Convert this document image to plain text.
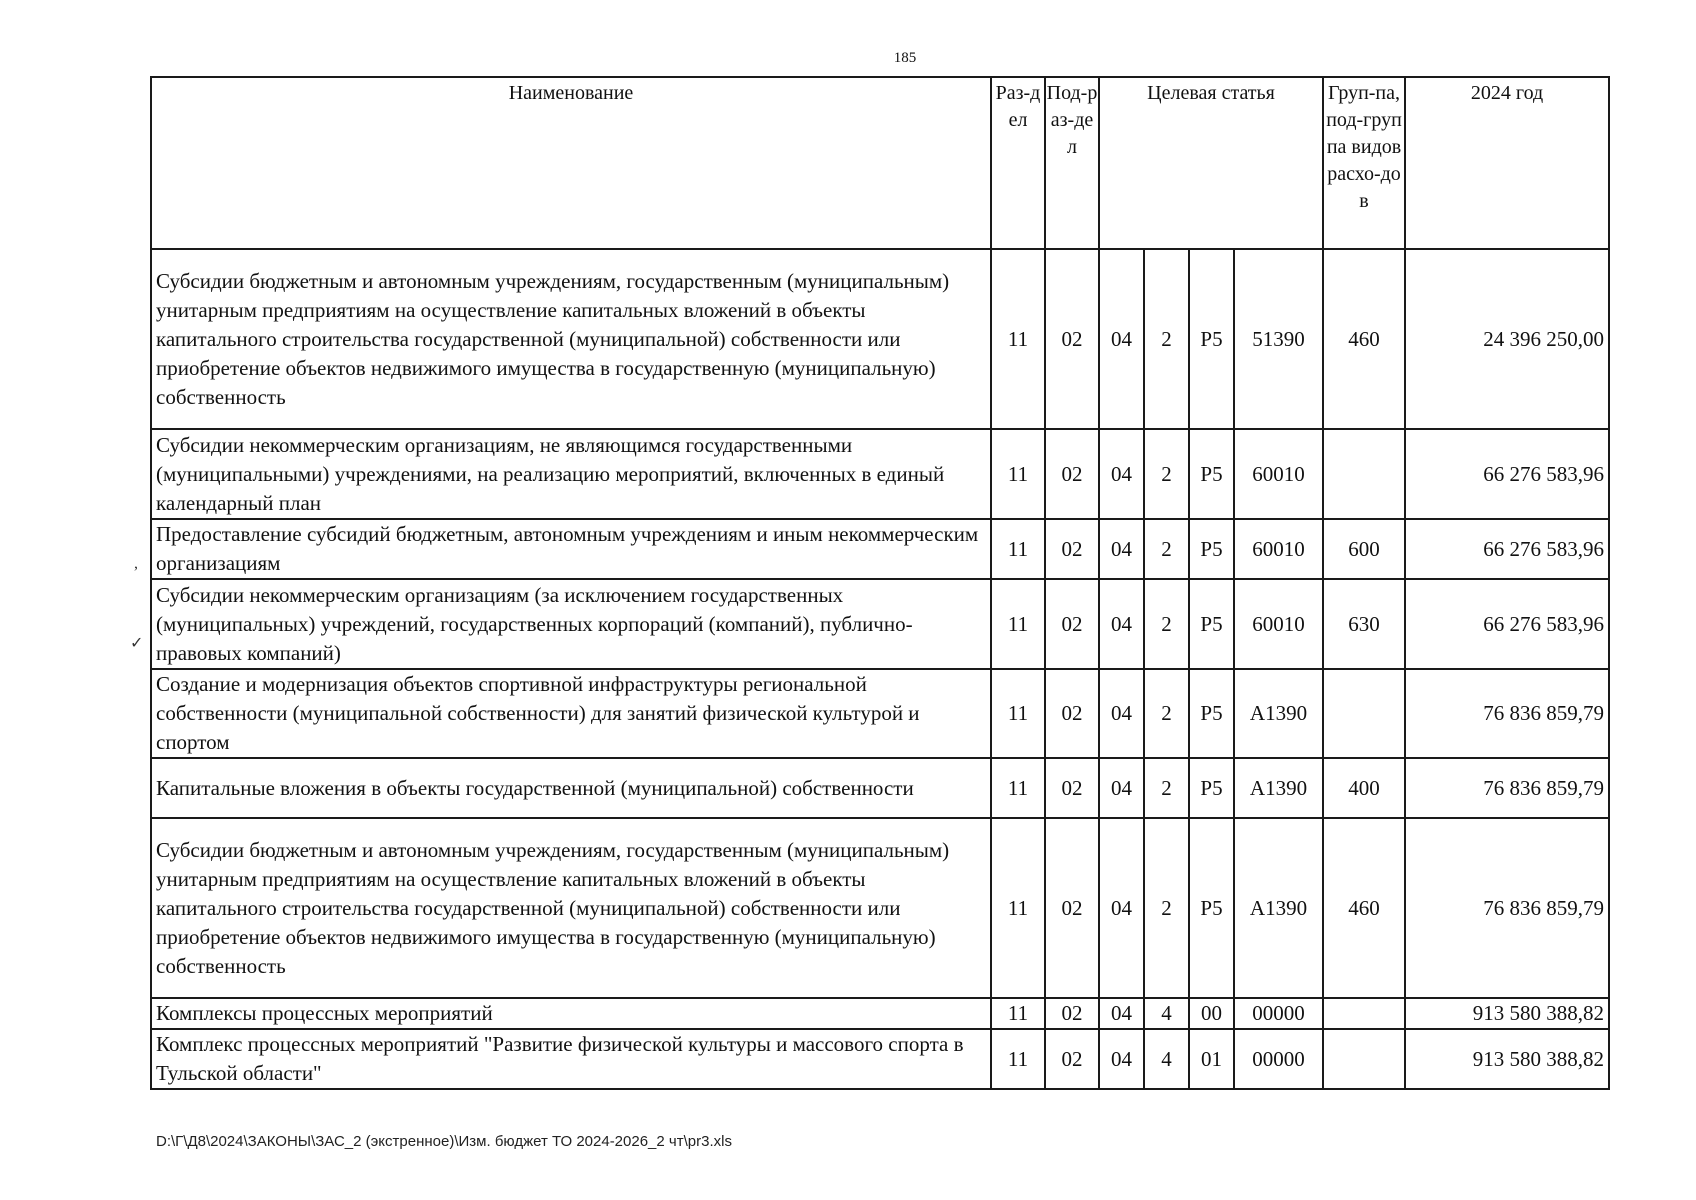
185
,
✓
Наименование	Раз-дел	Под-раз-дел	Целевая статья				Груп-па, под-группа видов расхо-дов	2024 год
Субсидии бюджетным и автономным учреждениям, государственным (муниципальным) унитарным предприятиям на осуществление капитальных вложений в объекты капитального строительства государственной (муниципальной) собственности или приобретение объектов недвижимого имущества в государственную (муниципальную) собственность	11	02	04	2	Р5	51390	460	24 396 250,00
Субсидии некоммерческим организациям, не являющимся государственными (муниципальными) учреждениями, на реализацию мероприятий, включенных в единый календарный план	11	02	04	2	Р5	60010		66 276 583,96
Предоставление субсидий бюджетным, автономным учреждениям и иным некоммерческим организациям	11	02	04	2	Р5	60010	600	66 276 583,96
Субсидии некоммерческим организациям (за исключением государственных (муниципальных) учреждений, государственных корпораций (компаний), публично-правовых компаний)	11	02	04	2	Р5	60010	630	66 276 583,96
Создание и модернизация объектов спортивной инфраструктуры региональной собственности (муниципальной собственности) для занятий физической культурой и спортом	11	02	04	2	Р5	А1390		76 836 859,79
Капитальные вложения в объекты государственной (муниципальной) собственности	11	02	04	2	Р5	А1390	400	76 836 859,79
Субсидии бюджетным и автономным учреждениям, государственным (муниципальным) унитарным предприятиям на осуществление капитальных вложений в объекты капитального строительства государственной (муниципальной) собственности или приобретение объектов недвижимого имущества в государственную (муниципальную) собственность	11	02	04	2	Р5	А1390	460	76 836 859,79
Комплексы процессных мероприятий	11	02	04	4	00	00000		913 580 388,82
Комплекс процессных мероприятий "Развитие физической культуры и массового спорта в Тульской области"	11	02	04	4	01	00000		913 580 388,82
D:\Г\Д8\2024\ЗАКОНЫ\ЗАС_2 (экстренное)\Изм. бюджет ТО 2024-2026_2 чт\pr3.xls
